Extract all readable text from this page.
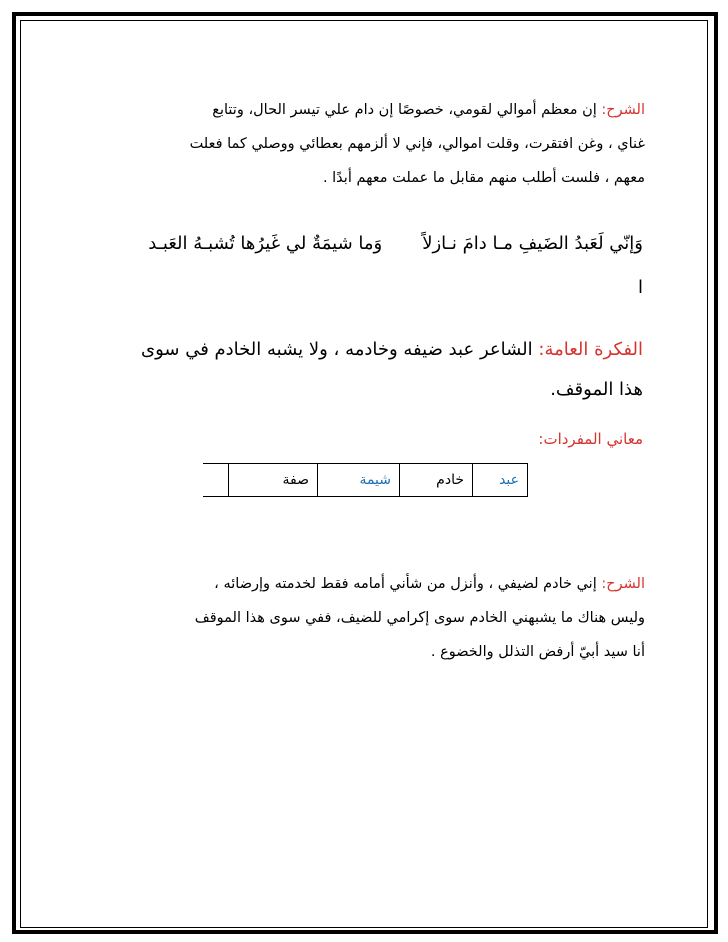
الشرح: إن معظم أموالي لقومي، خصوصًا إن دام علي تيسر الحال، وتتابع
غناي ، وغن افتقرت، وقلت اموالي، فإني لا ألزمهم بعطائي ووصلي كما فعلت
معهم ، فلست أطلب منهم مقابل ما عملت معهم أبدًا .
وَإنّي لَعَبدُ الضَيفِ مـا دامَ نـازلاًوَما شيمَةٌ لي غَيرُها تُشبـهُ العَبـد
ا
الفكرة العامة: الشاعر عبد ضيفه وخادمه ، ولا يشبه الخادم في سوى
هذا الموقف.
معاني المفردات:
عبد	خادم	شيمة	صفة	
الشرح: إني خادم لضيفي ، وأنزل من شأني أمامه فقط لخدمته وإرضائه ،
وليس هناك ما يشبهني الخادم سوى إكرامي للضيف، ففي سوى هذا الموقف
أنا سيد أبيّ أرفض التذلل والخضوع .
